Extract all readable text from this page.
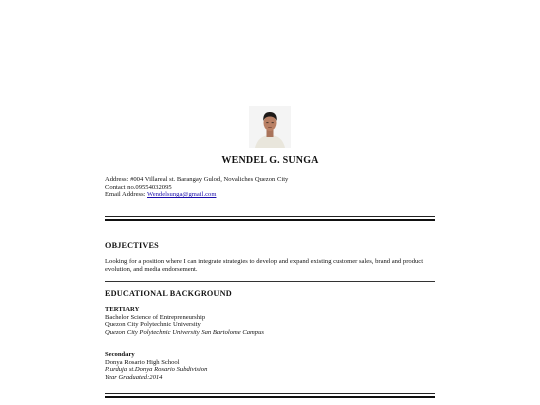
WENDEL G. SUNGA
Address: #004 Villareal st. Barangay Gulod, Novaliches Quezon City
Contact no.09554032095
Email Address: Wendelsunga@gmail.com
OBJECTIVES
Looking for a position where I can integrate strategies to develop and expand existing customer sales, brand and product evolution, and media endorsement.
EDUCATIONAL BACKGROUND
TERTIARY
Bachelor Science of Entrepreneurship
Quezon City Polytechnic University
Quezon City Polytechnic University San Bartolome Campus
Secondary
Donya Rosario High School
P.urduja st.Donya Rosario Subdivision
Year Graduated:2014
